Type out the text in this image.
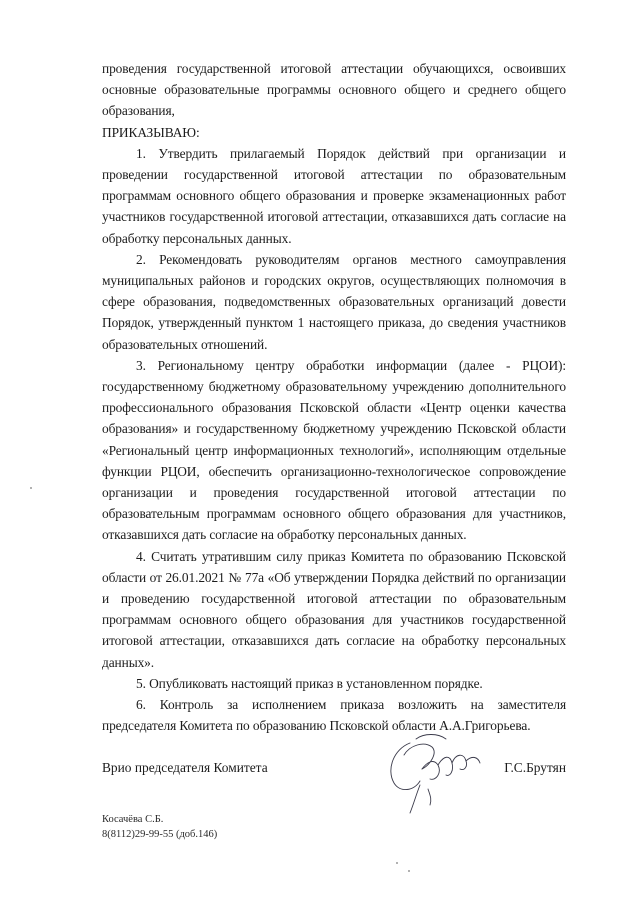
проведения государственной итоговой аттестации обучающихся, освоивших основные образовательные программы основного общего и среднего общего образования,

ПРИКАЗЫВАЮ:

1. Утвердить прилагаемый Порядок действий при организации и проведении государственной итоговой аттестации по образовательным программам основного общего образования и проверке экзаменационных работ участников государственной итоговой аттестации, отказавшихся дать согласие на обработку персональных данных.

2. Рекомендовать руководителям органов местного самоуправления муниципальных районов и городских округов, осуществляющих полномочия в сфере образования, подведомственных образовательных организаций довести Порядок, утвержденный пунктом 1 настоящего приказа, до сведения участников образовательных отношений.

3. Региональному центру обработки информации (далее - РЦОИ): государственному бюджетному образовательному учреждению дополнительного профессионального образования Псковской области «Центр оценки качества образования» и государственному бюджетному учреждению Псковской области «Региональный центр информационных технологий», исполняющим отдельные функции РЦОИ, обеспечить организационно-технологическое сопровождение организации и проведения государственной итоговой аттестации по образовательным программам основного общего образования для участников, отказавшихся дать согласие на обработку персональных данных.

4. Считать утратившим силу приказ Комитета по образованию Псковской области от 26.01.2021 № 77а «Об утверждении Порядка действий по организации и проведению государственной итоговой аттестации по образовательным программам основного общего образования для участников государственной итоговой аттестации, отказавшихся дать согласие на обработку персональных данных».

5. Опубликовать настоящий приказ в установленном порядке.

6. Контроль за исполнением приказа возложить на заместителя председателя Комитета по образованию Псковской области А.А.Григорьева.

Врио председателя Комитета	Г.С.Брутян
Косачёва С.Б.
8(8112)29-99-55 (доб.146)
